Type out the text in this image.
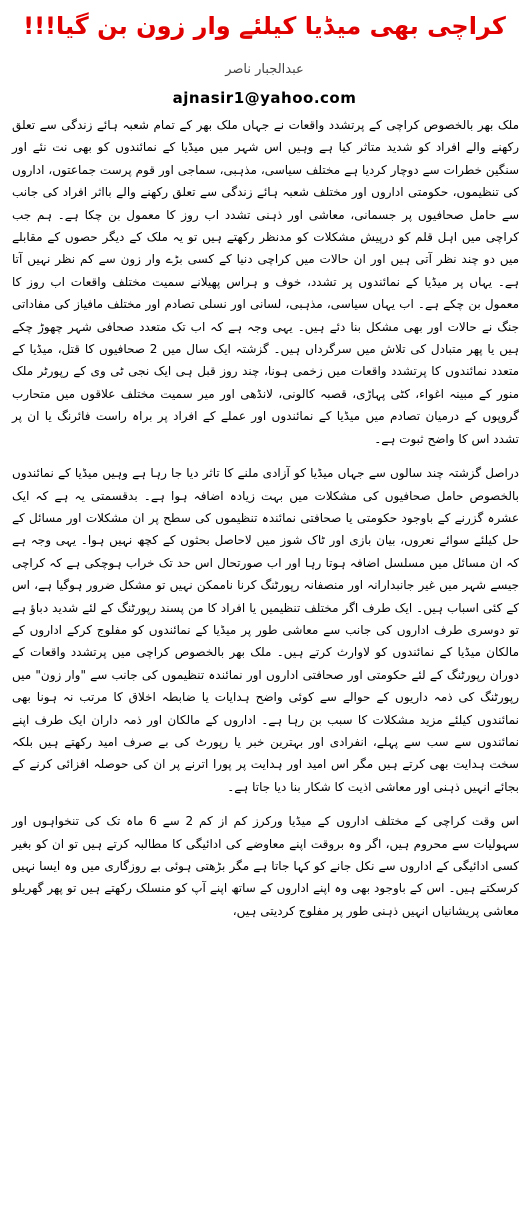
کراچی بھی میڈیا کیلئے وار زون بن گیا!!!
عبدالجبار ناصر
ajnasir1@yahoo.com

ملک بھر بالخصوص کراچی کے پرتشدد واقعات نے جہاں ملک بھر کے تمام شعبہ ہائے زندگی سے تعلق رکھنے والے افراد کو شدید متاثر کیا ہے وہیں اس شہر میں میڈیا کے نمائندوں کو بھی نت نئے اور سنگین خطرات سے دوچار کردیا ہے مختلف سیاسی، مذہبی، سماجی اور قوم پرست جماعتوں، اداروں کی تنظیموں، حکومتی اداروں اور مختلف شعبہ ہائے زندگی سے تعلق رکھنے والے بااثر افراد کی جانب سے حامل صحافیوں پر جسمانی، معاشی اور ذہنی تشدد اب روز کا معمول بن چکا ہے۔ ہم جب کراچی میں اہل قلم کو درپیش مشکلات کو مدنظر رکھتے ہیں تو یہ ملک کے دیگر حصوں کے مقابلے میں دو چند نظر آتی ہیں اور ان حالات میں کراچی دنیا کے کسی بڑے وار زون سے کم نظر نہیں آتا ہے۔ یہاں پر میڈیا کے نمائندوں پر تشدد، خوف و ہراس پھیلانے سمیت مختلف واقعات اب روز کا معمول بن چکے ہے۔ اب یہاں سیاسی، مذہبی، لسانی اور نسلی تصادم اور مختلف مافیاز کی مفاداتی جنگ نے حالات اور بھی مشکل بنا دئے ہیں۔ یہی وجہ ہے کہ اب تک متعدد صحافی شہر چھوڑ چکے ہیں یا پھر متبادل کی تلاش میں سرگرداں ہیں۔ گزشتہ ایک سال میں 2 صحافیوں کا قتل، میڈیا کے متعدد نمائندوں کا پرتشدد واقعات میں زخمی ہونا، چند روز قبل ہی ایک نجی ٹی وی کے رپورٹر ملک منور کے مبینہ اغواء، کٹی پہاڑی، قصبہ کالونی، لانڈھی اور میر سمیت مختلف علاقوں میں متحارب گروپوں کے درمیان تصادم میں میڈیا کے نمائندوں اور عملے کے افراد پر براہ راست فائرنگ یا ان پر تشدد اس کا واضح ثبوت ہے۔

دراصل گزشتہ چند سالوں سے جہاں میڈیا کو آزادی ملنے کا تاثر دیا جا رہا ہے وہیں میڈیا کے نمائندوں بالخصوص حامل صحافیوں کی مشکلات میں بہت زیادہ اضافہ ہوا ہے۔ بدقسمتی یہ ہے کہ ایک عشرہ گزرنے کے باوجود حکومتی یا صحافتی نمائندہ تنظیموں کی سطح پر ان مشکلات اور مسائل کے حل کیلئے سوائے نعروں، بیان بازی اور ٹاک شوز میں لاحاصل بحثوں کے کچھ نہیں ہوا۔ یہی وجہ ہے کہ ان مسائل میں مسلسل اضافہ ہوتا رہا اور اب صورتحال اس حد تک خراب ہوچکی ہے کہ کراچی جیسے شہر میں غیر جانبدارانہ اور منصفانہ رپورٹنگ کرنا ناممکن نہیں تو مشکل ضرور ہوگیا ہے، اس کے کئی اسباب ہیں۔ ایک طرف اگر مختلف تنظیمیں یا افراد کا من پسند رپورٹنگ کے لئے شدید دباؤ ہے تو دوسری طرف اداروں کی جانب سے معاشی طور پر میڈیا کے نمائندوں کو مفلوج کرکے اداروں کے مالکان میڈیا کے نمائندوں کو لاوارث کرتے ہیں۔ ملک بھر بالخصوص کراچی میں پرتشدد واقعات کے دوران رپورٹنگ کے لئے حکومتی اور صحافتی اداروں اور نمائندہ تنظیموں کی جانب سے "وار زون" میں رپورٹنگ کی ذمہ داریوں کے حوالے سے کوئی واضح ہدایات یا ضابطہ اخلاق کا مرتب نہ ہونا بھی نمائندوں کیلئے مزید مشکلات کا سبب بن رہا ہے۔ اداروں کے مالکان اور ذمہ داران ایک طرف اپنے نمائندوں سے سب سے پہلے، انفرادی اور بہترین خبر یا رپورٹ کی بے صرف امید رکھتے ہیں بلکہ سخت ہدایت بھی کرتے ہیں مگر اس امید اور ہدایت پر پورا اترنے پر ان کی حوصلہ افزائی کرنے کے بجائے انہیں ذہنی اور معاشی اذیت کا شکار بنا دیا جاتا ہے۔

اس وقت کراچی کے مختلف اداروں کے میڈیا ورکرز کم از کم 2 سے 6 ماہ تک کی تنخواہوں اور سہولیات سے محروم ہیں، اگر وہ بروقت اپنے معاوضے کی ادائیگی کا مطالبہ کرتے ہیں تو ان کو بغیر کسی ادائیگی کے اداروں سے نکل جانے کو کہا جاتا ہے مگر بڑھتی ہوئی بے روزگاری میں وہ ایسا نہیں کرسکتے ہیں۔ اس کے باوجود بھی وہ اپنے اداروں کے ساتھ اپنے آپ کو منسلک رکھتے ہیں تو پھر گھریلو معاشی پریشانیاں انہیں ذہنی طور پر مفلوج کردیتی ہیں،
